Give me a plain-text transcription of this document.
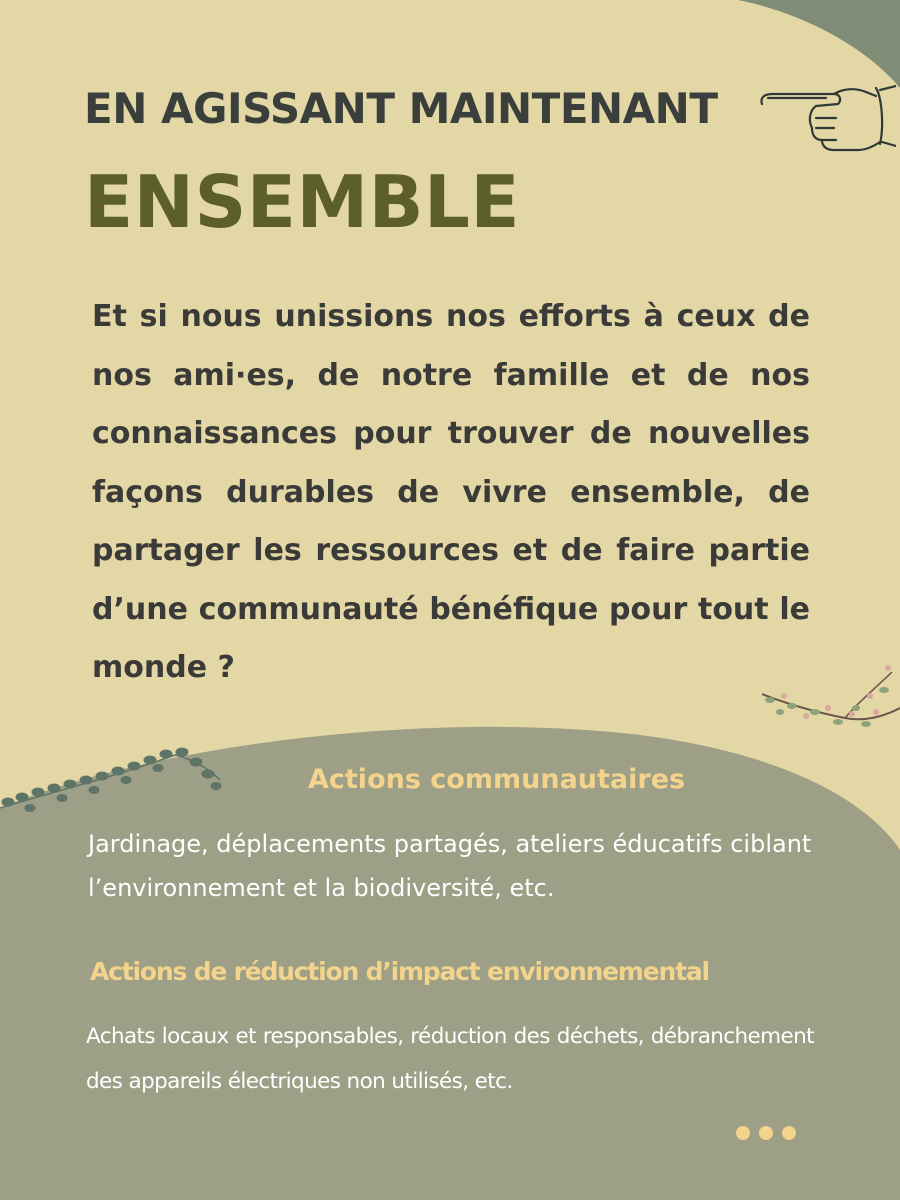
EN AGISSANT MAINTENANT
ENSEMBLE

Et si nous unissions nos efforts à ceux de nos ami·es, de notre famille et de nos connaissances pour trouver de nouvelles façons durables de vivre ensemble, de partager les ressources et de faire partie d’une communauté bénéfique pour tout le monde ?

Actions communautaires

Jardinage, déplacements partagés, ateliers éducatifs ciblant l’environnement et la biodiversité, etc.

Actions de réduction d’impact environnemental

Achats locaux et responsables, réduction des déchets, débranchement des appareils électriques non utilisés, etc.
